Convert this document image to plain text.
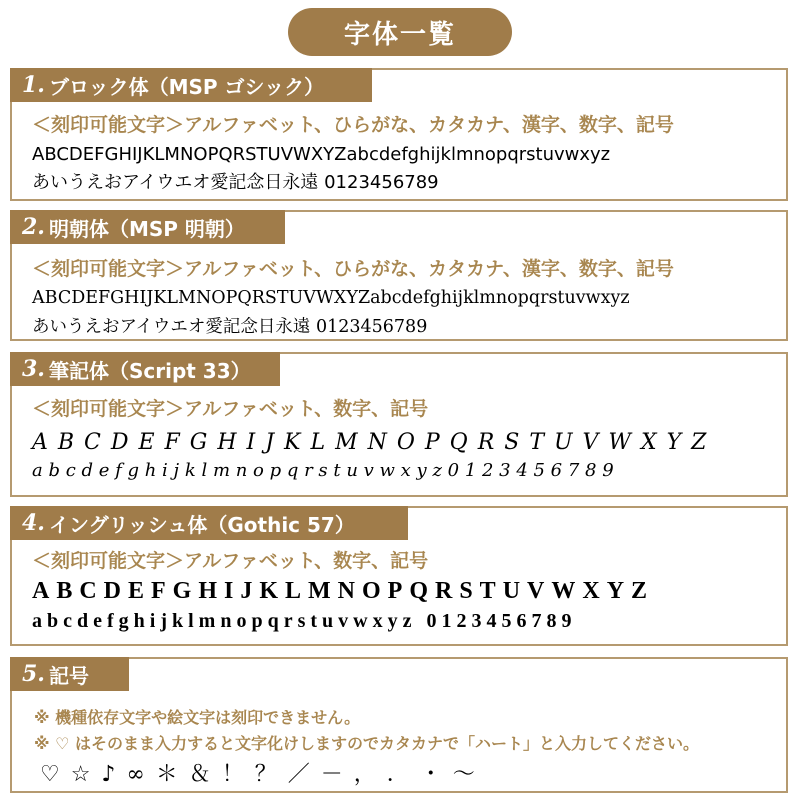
字体一覧
1. ブロック体（MSP ゴシック）
＜刻印可能文字＞アルファベット、ひらがな、カタカナ、漢字、数字、記号
ABCDEFGHIJKLMNOPQRSTUVWXYZabcdefghijklmnopqrstuvwxyz
あいうえおアイウエオ愛記念日永遠 0123456789
2. 明朝体（MSP 明朝）
＜刻印可能文字＞アルファベット、ひらがな、カタカナ、漢字、数字、記号
ABCDEFGHIJKLMNOPQRSTUVWXYZabcdefghijklmnopqrstuvwxyz
あいうえおアイウエオ愛記念日永遠 0123456789
3. 筆記体（Script 33）
＜刻印可能文字＞アルファベット、数字、記号
A B C D E F G H I J K L M N O P Q R S T U V W X Y Z
a b c d e f g h i j k l m n o p q r s t u v w x y z 0 1 2 3 4 5 6 7 8 9
4. イングリッシュ体（Gothic 57）
＜刻印可能文字＞アルファベット、数字、記号
ABCDEFGHIJKLMNOPQRSTUVWXYZ
abcdefghijklmnopqrstuvwxyz 0123456789
5. 記号
※ 機種依存文字や絵文字は刻印できません。
※ ♡ はそのまま入力すると文字化けしますのでカタカナで「ハート」と入力してください。
♡ ☆ ♪ ∞ ＊ ＆ ！ ？ ／ － ， ． ・ ～
